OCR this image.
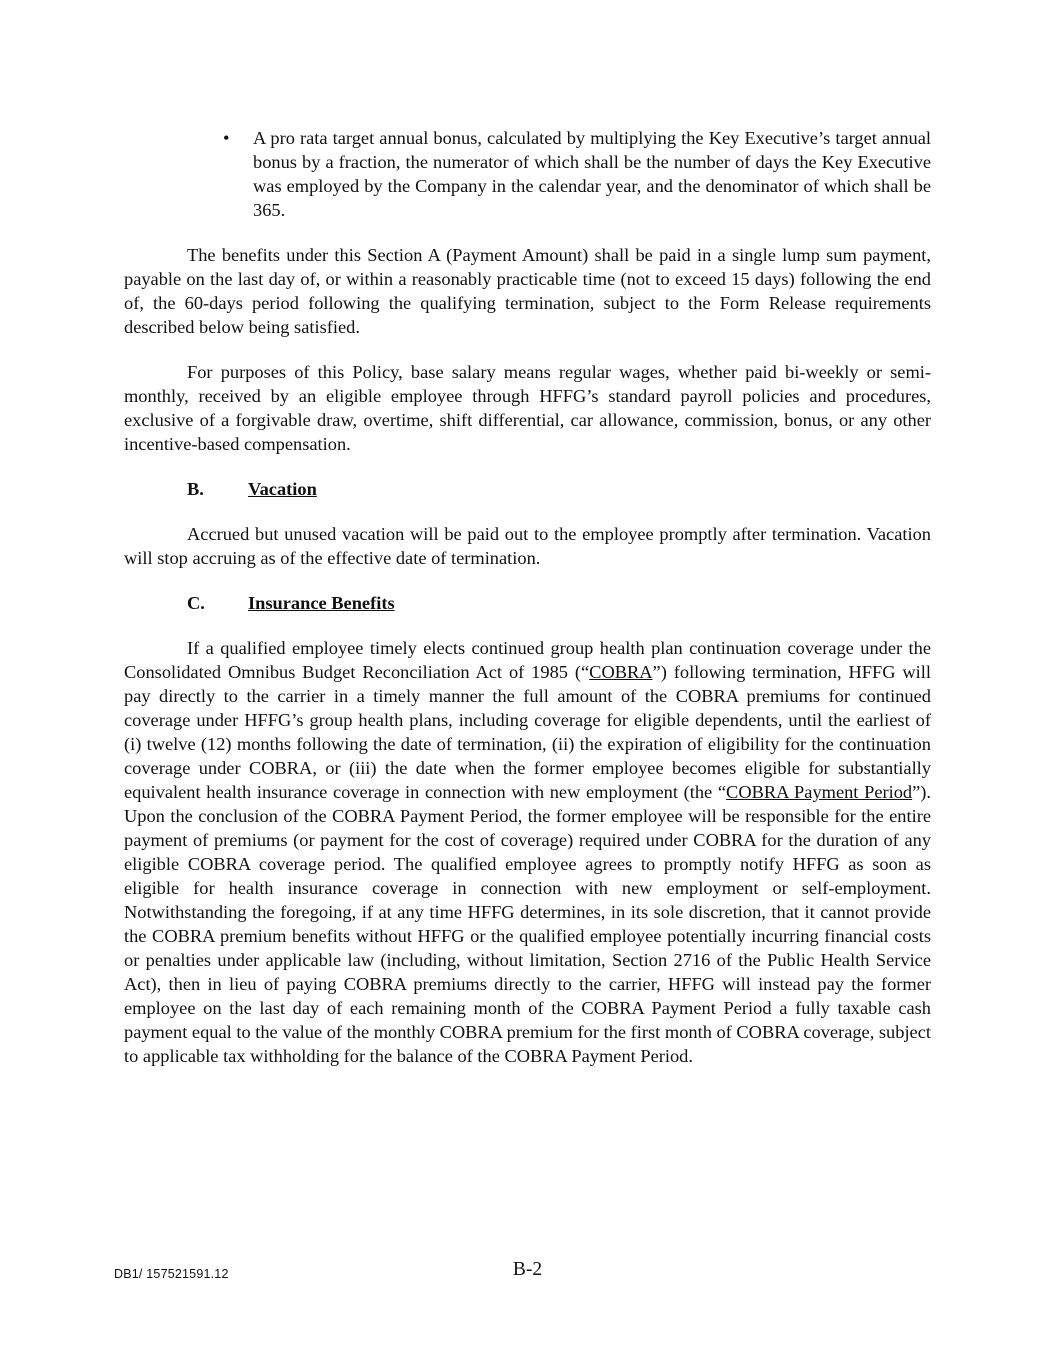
• A pro rata target annual bonus, calculated by multiplying the Key Executive’s target annual bonus by a fraction, the numerator of which shall be the number of days the Key Executive was employed by the Company in the calendar year, and the denominator of which shall be 365.

The benefits under this Section A (Payment Amount) shall be paid in a single lump sum payment, payable on the last day of, or within a reasonably practicable time (not to exceed 15 days) following the end of, the 60-days period following the qualifying termination, subject to the Form Release requirements described below being satisfied.

For purposes of this Policy, base salary means regular wages, whether paid bi-weekly or semi-monthly, received by an eligible employee through HFFG’s standard payroll policies and procedures, exclusive of a forgivable draw, overtime, shift differential, car allowance, commission, bonus, or any other incentive-based compensation.

B.	Vacation

Accrued but unused vacation will be paid out to the employee promptly after termination. Vacation will stop accruing as of the effective date of termination.

C.	Insurance Benefits

If a qualified employee timely elects continued group health plan continuation coverage under the Consolidated Omnibus Budget Reconciliation Act of 1985 (“COBRA”) following termination, HFFG will pay directly to the carrier in a timely manner the full amount of the COBRA premiums for continued coverage under HFFG’s group health plans, including coverage for eligible dependents, until the earliest of (i) twelve (12) months following the date of termination, (ii) the expiration of eligibility for the continuation coverage under COBRA, or (iii) the date when the former employee becomes eligible for substantially equivalent health insurance coverage in connection with new employment (the “COBRA Payment Period”). Upon the conclusion of the COBRA Payment Period, the former employee will be responsible for the entire payment of premiums (or payment for the cost of coverage) required under COBRA for the duration of any eligible COBRA coverage period. The qualified employee agrees to promptly notify HFFG as soon as eligible for health insurance coverage in connection with new employment or self-employment. Notwithstanding the foregoing, if at any time HFFG determines, in its sole discretion, that it cannot provide the COBRA premium benefits without HFFG or the qualified employee potentially incurring financial costs or penalties under applicable law (including, without limitation, Section 2716 of the Public Health Service Act), then in lieu of paying COBRA premiums directly to the carrier, HFFG will instead pay the former employee on the last day of each remaining month of the COBRA Payment Period a fully taxable cash payment equal to the value of the monthly COBRA premium for the first month of COBRA coverage, subject to applicable tax withholding for the balance of the COBRA Payment Period.

DB1/ 157521591.12	B-2
